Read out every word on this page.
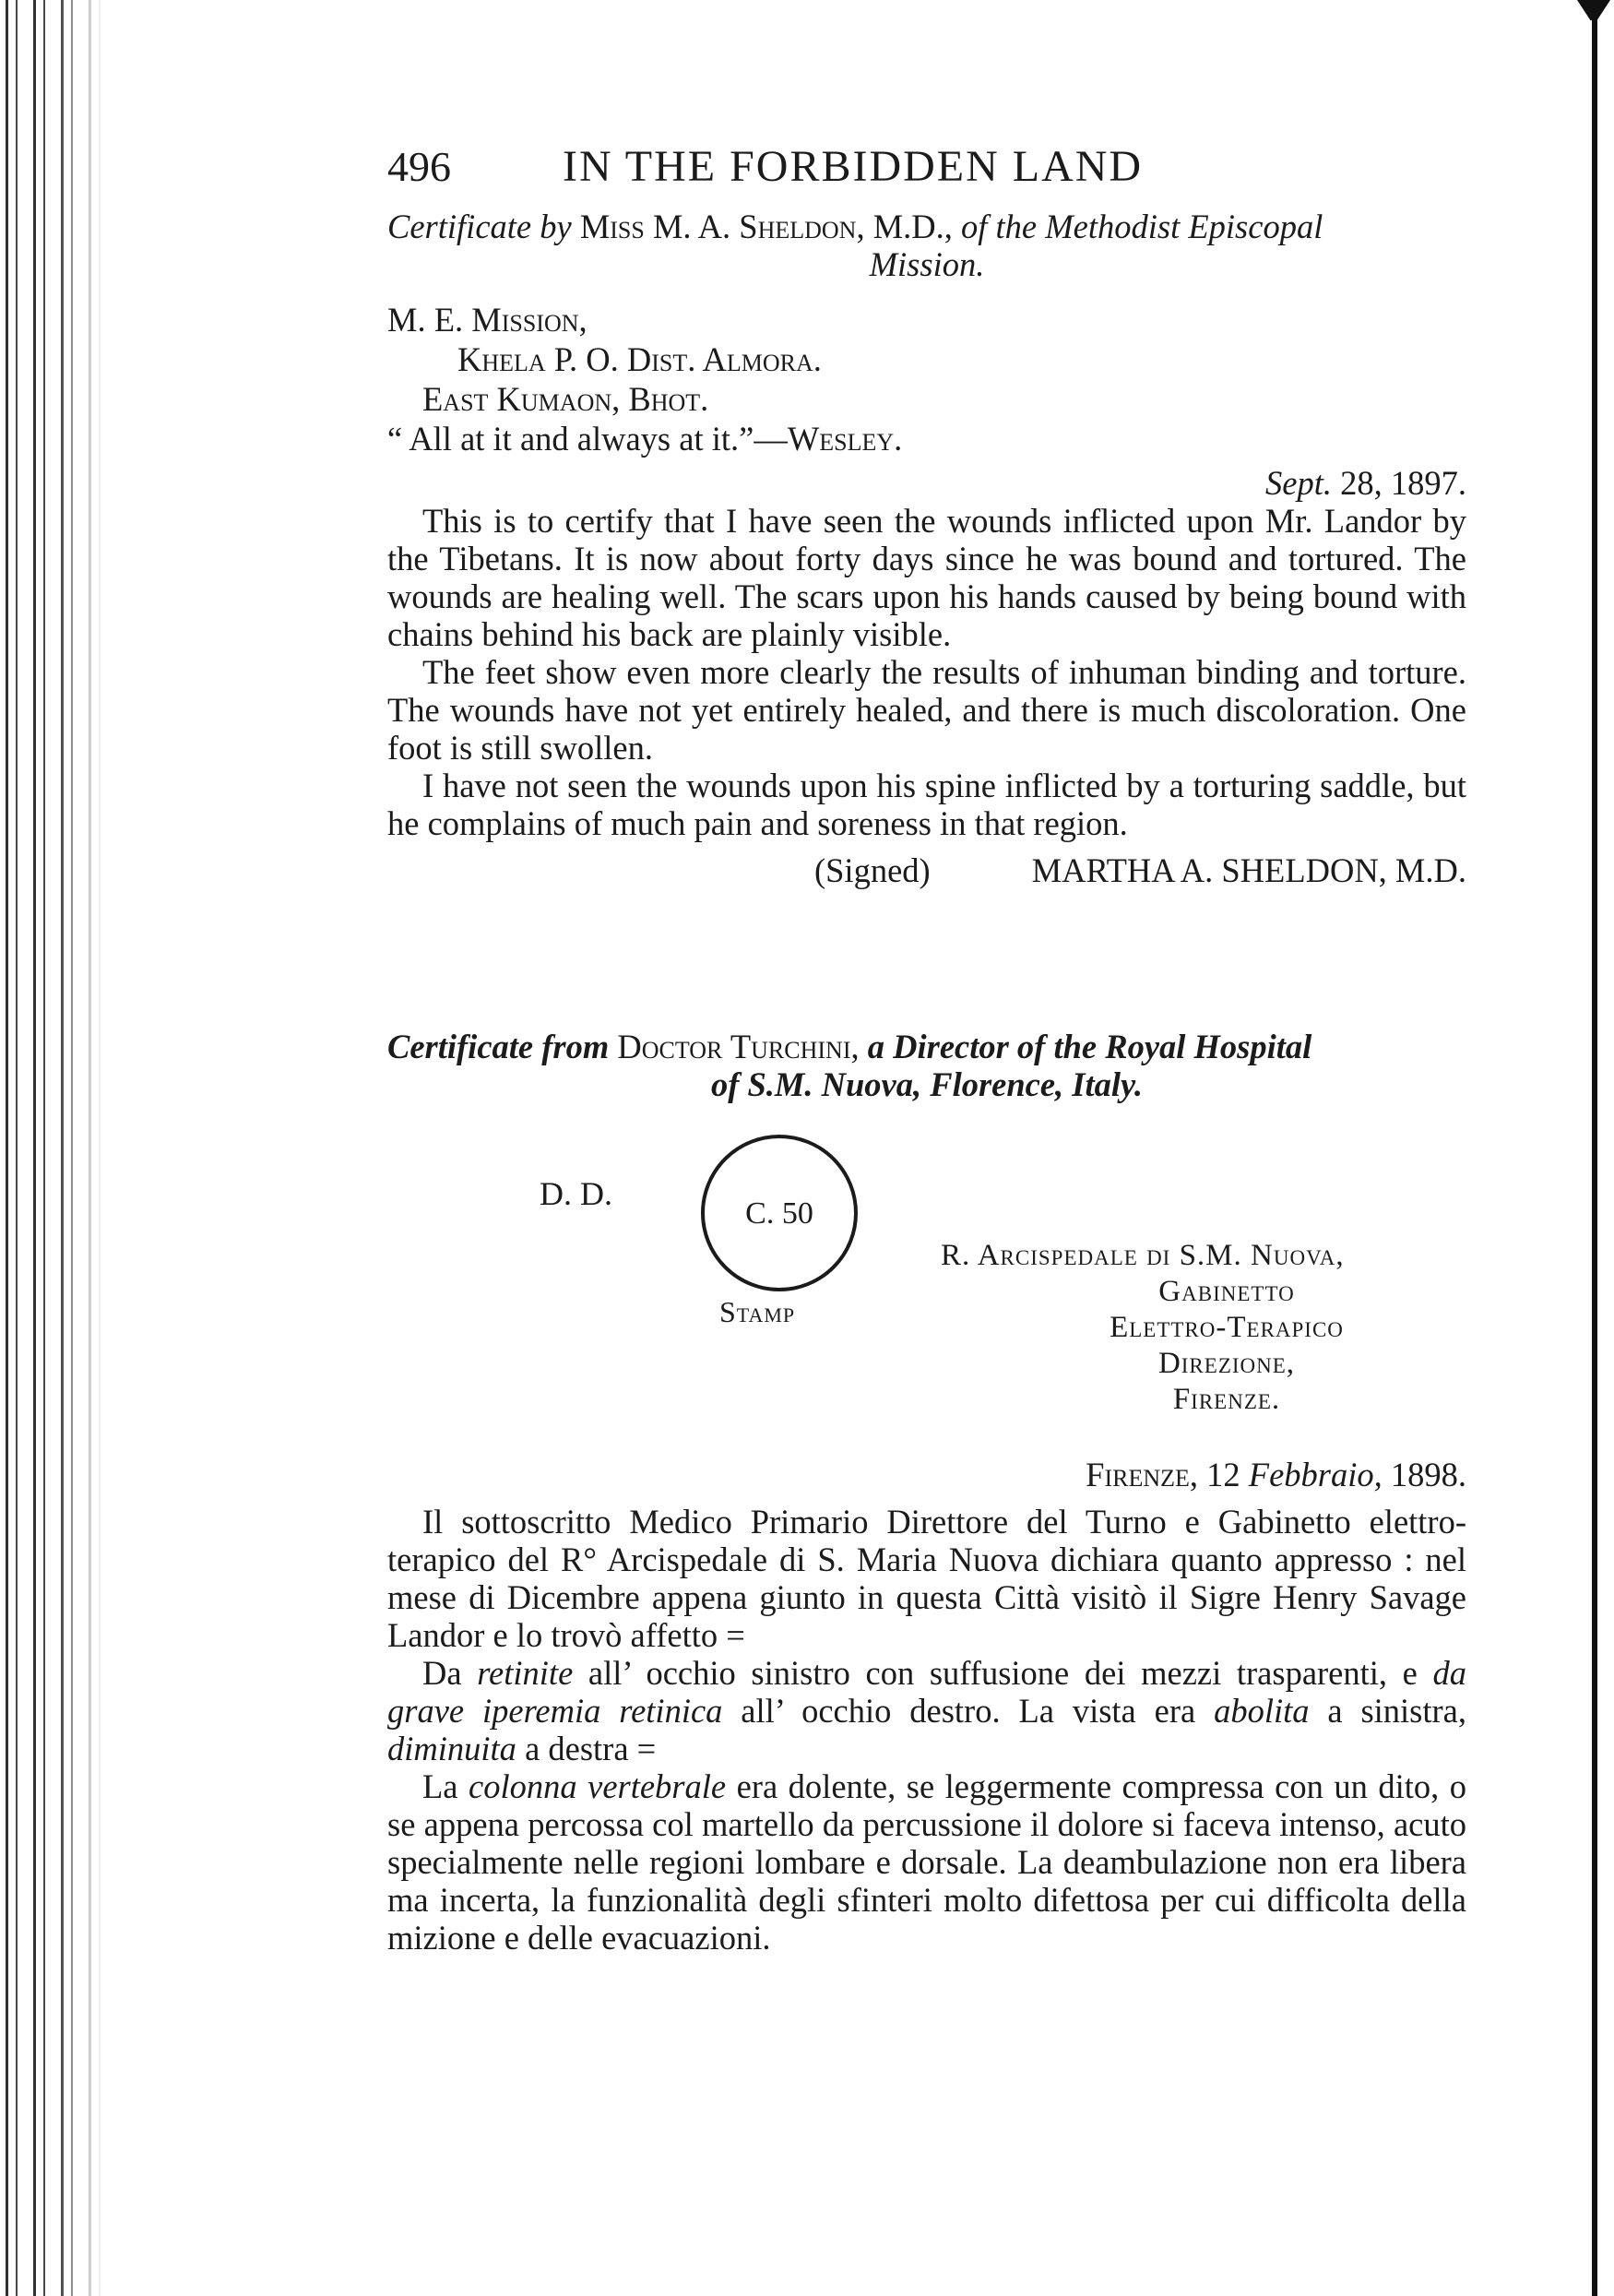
496	IN THE FORBIDDEN LAND
Certificate by Miss M. A. Sheldon, M.D., of the Methodist Episcopal
Mission.
M. E. Mission,
Khela P. O. Dist. Almora.
East Kumaon, Bhot.
“ All at it and always at it.”—Wesley.
Sept. 28, 1897.

This is to certify that I have seen the wounds inflicted upon Mr. Landor by the Tibetans. It is now about forty days since he was bound and tortured. The wounds are healing well. The scars upon his hands caused by being bound with chains behind his back are plainly visible.

The feet show even more clearly the results of inhuman binding and torture. The wounds have not yet entirely healed, and there is much discoloration. One foot is still swollen.

I have not seen the wounds upon his spine inflicted by a torturing saddle, but he complains of much pain and soreness in that region.

(Signed)	MARTHA A. SHELDON, M.D.
Certificate from Doctor Turchini, a Director of the Royal Hospital
of S.M. Nuova, Florence, Italy.
D. D.
C. 50
Stamp
R. Arcispedale di S.M. Nuova,
Gabinetto
Elettro-Terapico
Direzione,
Firenze.
Firenze, 12 Febbraio, 1898.

Il sottoscritto Medico Primario Direttore del Turno e Gabinetto elettro-terapico del R° Arcispedale di S. Maria Nuova dichiara quanto appresso : nel mese di Dicembre appena giunto in questa Città visitò il Sigre Henry Savage Landor e lo trovò affetto =

Da retinite all’ occhio sinistro con suffusione dei mezzi trasparenti, e da grave iperemia retinica all’ occhio destro. La vista era abolita a sinistra, diminuita a destra =

La colonna vertebrale era dolente, se leggermente compressa con un dito, o se appena percossa col martello da percussione il dolore si faceva intenso, acuto specialmente nelle regioni lombare e dorsale. La deambulazione non era libera ma incerta, la funzionalità degli sfinteri molto difettosa per cui difficolta della mizione e delle evacuazioni.
